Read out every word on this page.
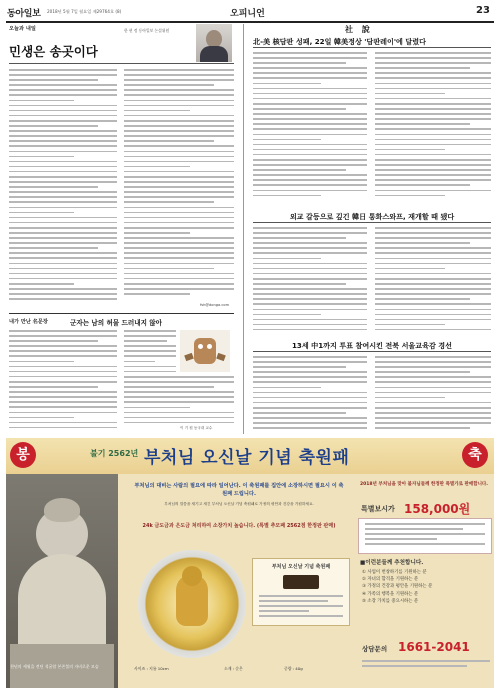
동아일보 2018년 5월 7일 월요일 제29764호 (8)	오피니언	23
오늘과 내일	한 현 정 동아일보 논설위원
민생은 송곳이다
fsh@donga.com
내가 만난 名문장	군자는 남의 허물 드러내지 않아
이 기 원 동국대 교수
社 說
北-美 核담판 성패, 22일 韓美정상 '담판레이'에 달렸다
외교 갈등으로 깊긴 韓日 통화스와프, 재개할 때 됐다
13세 中1까지 투표 참여시킨 전북 서울교육감 경선
봉	불기 2562년 부처님 오신날 기념 축원패	축
천년의 세월을 견딘 석굴암 본존불의 자비로운 모습
부처님의 대비는 사람의 필요에 따라 일어난다. 이 축원패를 집안에 소장하시면 필요시 이 축원패 드립니다.
부처님의 말씀을 새기고 새긴 부처님 오신날 기념 축원패로 가정의 평안과 건강을 기원하세요.
24k 금도금과 은도금 처리하여 소장가치 높습니다. (특별 추모패 2562점 한정판 판매)
부처님 오신날 기념 축원패
사이즈 : 지름 10cm	소재 : 순은	중량 : 40g
2018년 부처님을 맞아 불자님들께 한정판 특별가로 판매합니다.
특별보시가 158,000원
■이런분들께 추천합니다.
① 사업이 번창하기를 기원하는 분
② 자녀의 합격을 기원하는 분
③ 가정의 건강과 평안을 기원하는 분
④ 가족의 행복을 기원하는 분
⑤ 소장 가치를 중요시하는 분
상담문의 1661-2041
